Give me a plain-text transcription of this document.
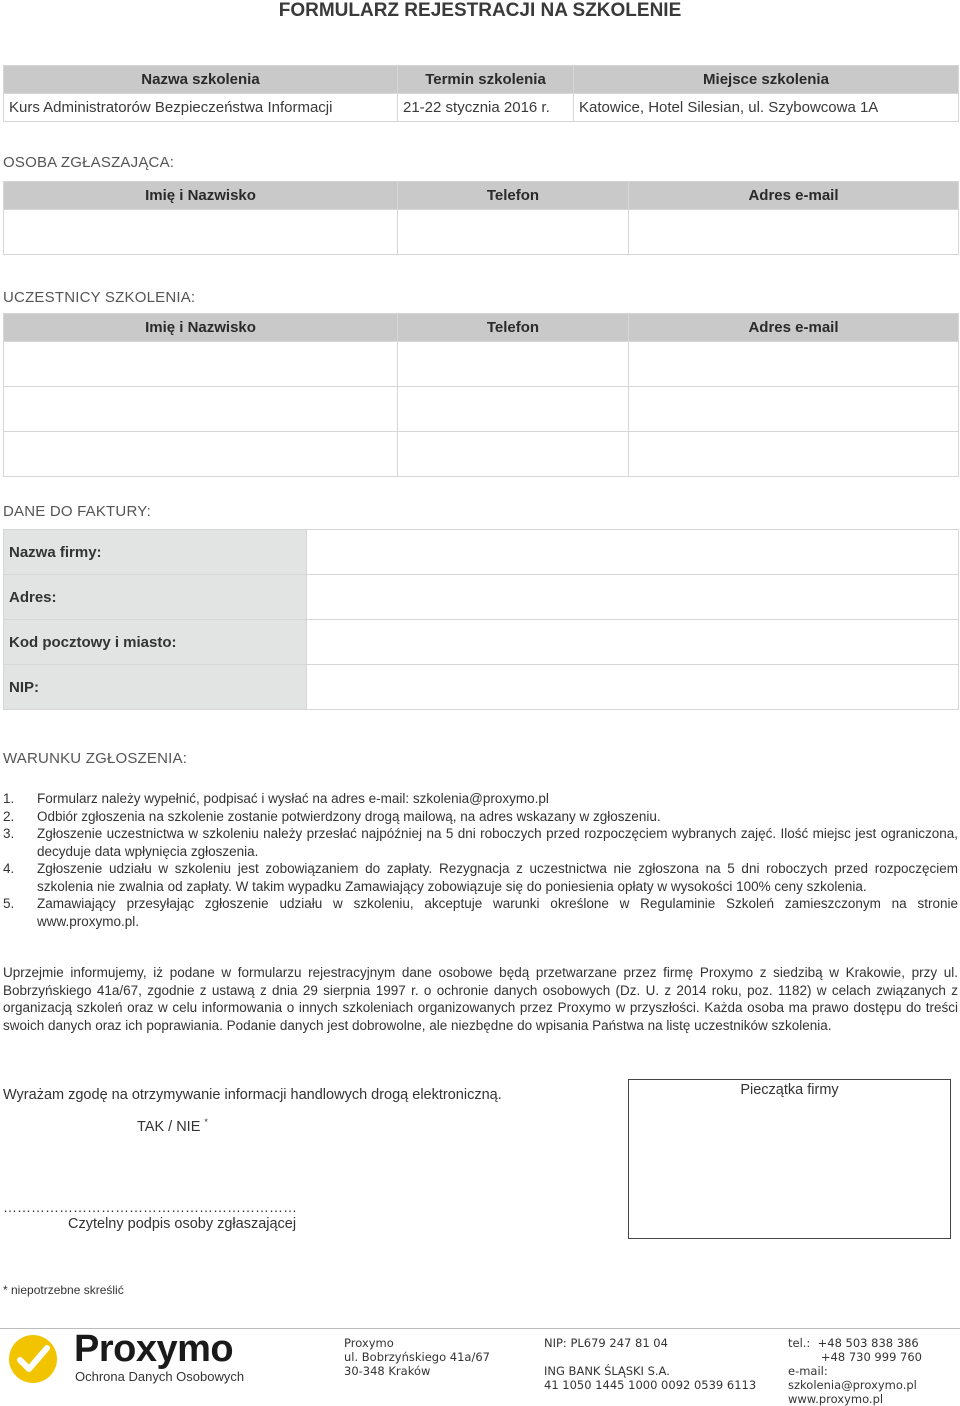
FORMULARZ REJESTRACJI NA SZKOLENIE
Nazwa szkolenia	Termin szkolenia	Miejsce szkolenia
Kurs Administratorów Bezpieczeństwa Informacji	21-22 stycznia 2016 r.	Katowice, Hotel Silesian, ul. Szybowcowa 1A
OSOBA ZGŁASZAJĄCA:
Imię i Nazwisko	Telefon	Adres e-mail

UCZESTNICY SZKOLENIA:
Imię i Nazwisko	Telefon	Adres e-mail

DANE DO FAKTURY:
Nazwa firmy:	
Adres:	
Kod pocztowy i miasto:	
NIP:	
WARUNKU ZGŁOSZENIA:
1. Formularz należy wypełnić, podpisać i wysłać na adres e-mail: szkolenia@proxymo.pl
2. Odbiór zgłoszenia na szkolenie zostanie potwierdzony drogą mailową, na adres wskazany w zgłoszeniu.
3. Zgłoszenie uczestnictwa w szkoleniu należy przesłać najpóźniej na 5 dni roboczych przed rozpoczęciem wybranych zajęć. Ilość miejsc jest ograniczona, decyduje data wpłynięcia zgłoszenia.
4. Zgłoszenie udziału w szkoleniu jest zobowiązaniem do zapłaty. Rezygnacja z uczestnictwa nie zgłoszona na 5 dni roboczych przed rozpoczęciem szkolenia nie zwalnia od zapłaty. W takim wypadku Zamawiający zobowiązuje się do poniesienia opłaty w wysokości 100% ceny szkolenia.
5. Zamawiający przesyłając zgłoszenie udziału w szkoleniu, akceptuje warunki określone w Regulaminie Szkoleń zamieszczonym na stronie www.proxymo.pl.

Uprzejmie informujemy, iż podane w formularzu rejestracyjnym dane osobowe będą przetwarzane przez firmę Proxymo z siedzibą w Krakowie, przy ul. Bobrzyńskiego 41a/67, zgodnie z ustawą z dnia 29 sierpnia 1997 r. o ochronie danych osobowych (Dz. U. z 2014 roku, poz. 1182) w celach związanych z organizacją szkoleń oraz w celu informowania o innych szkoleniach organizowanych przez Proxymo w przyszłości. Każda osoba ma prawo dostępu do treści swoich danych oraz ich poprawiania. Podanie danych jest dobrowolne, ale niezbędne do wpisania Państwa na listę uczestników szkolenia.

Wyrażam zgodę na otrzymywanie informacji handlowych drogą elektroniczną.
TAK / NIE *
Pieczątka firmy
………………………………………………………
Czytelny podpis osoby zgłaszającej
* niepotrzebne skreślić
Proxymo
Ochrona Danych Osobowych
Proxymo
ul. Bobrzyńskiego 41a/67
30-348 Kraków
NIP: PL679 247 81 04
ING BANK ŚLĄSKI S.A.
41 1050 1445 1000 0092 0539 6113
tel.:  +48 503 838 386
+48 730 999 760
e-mail: szkolenia@proxymo.pl
www.proxymo.pl
